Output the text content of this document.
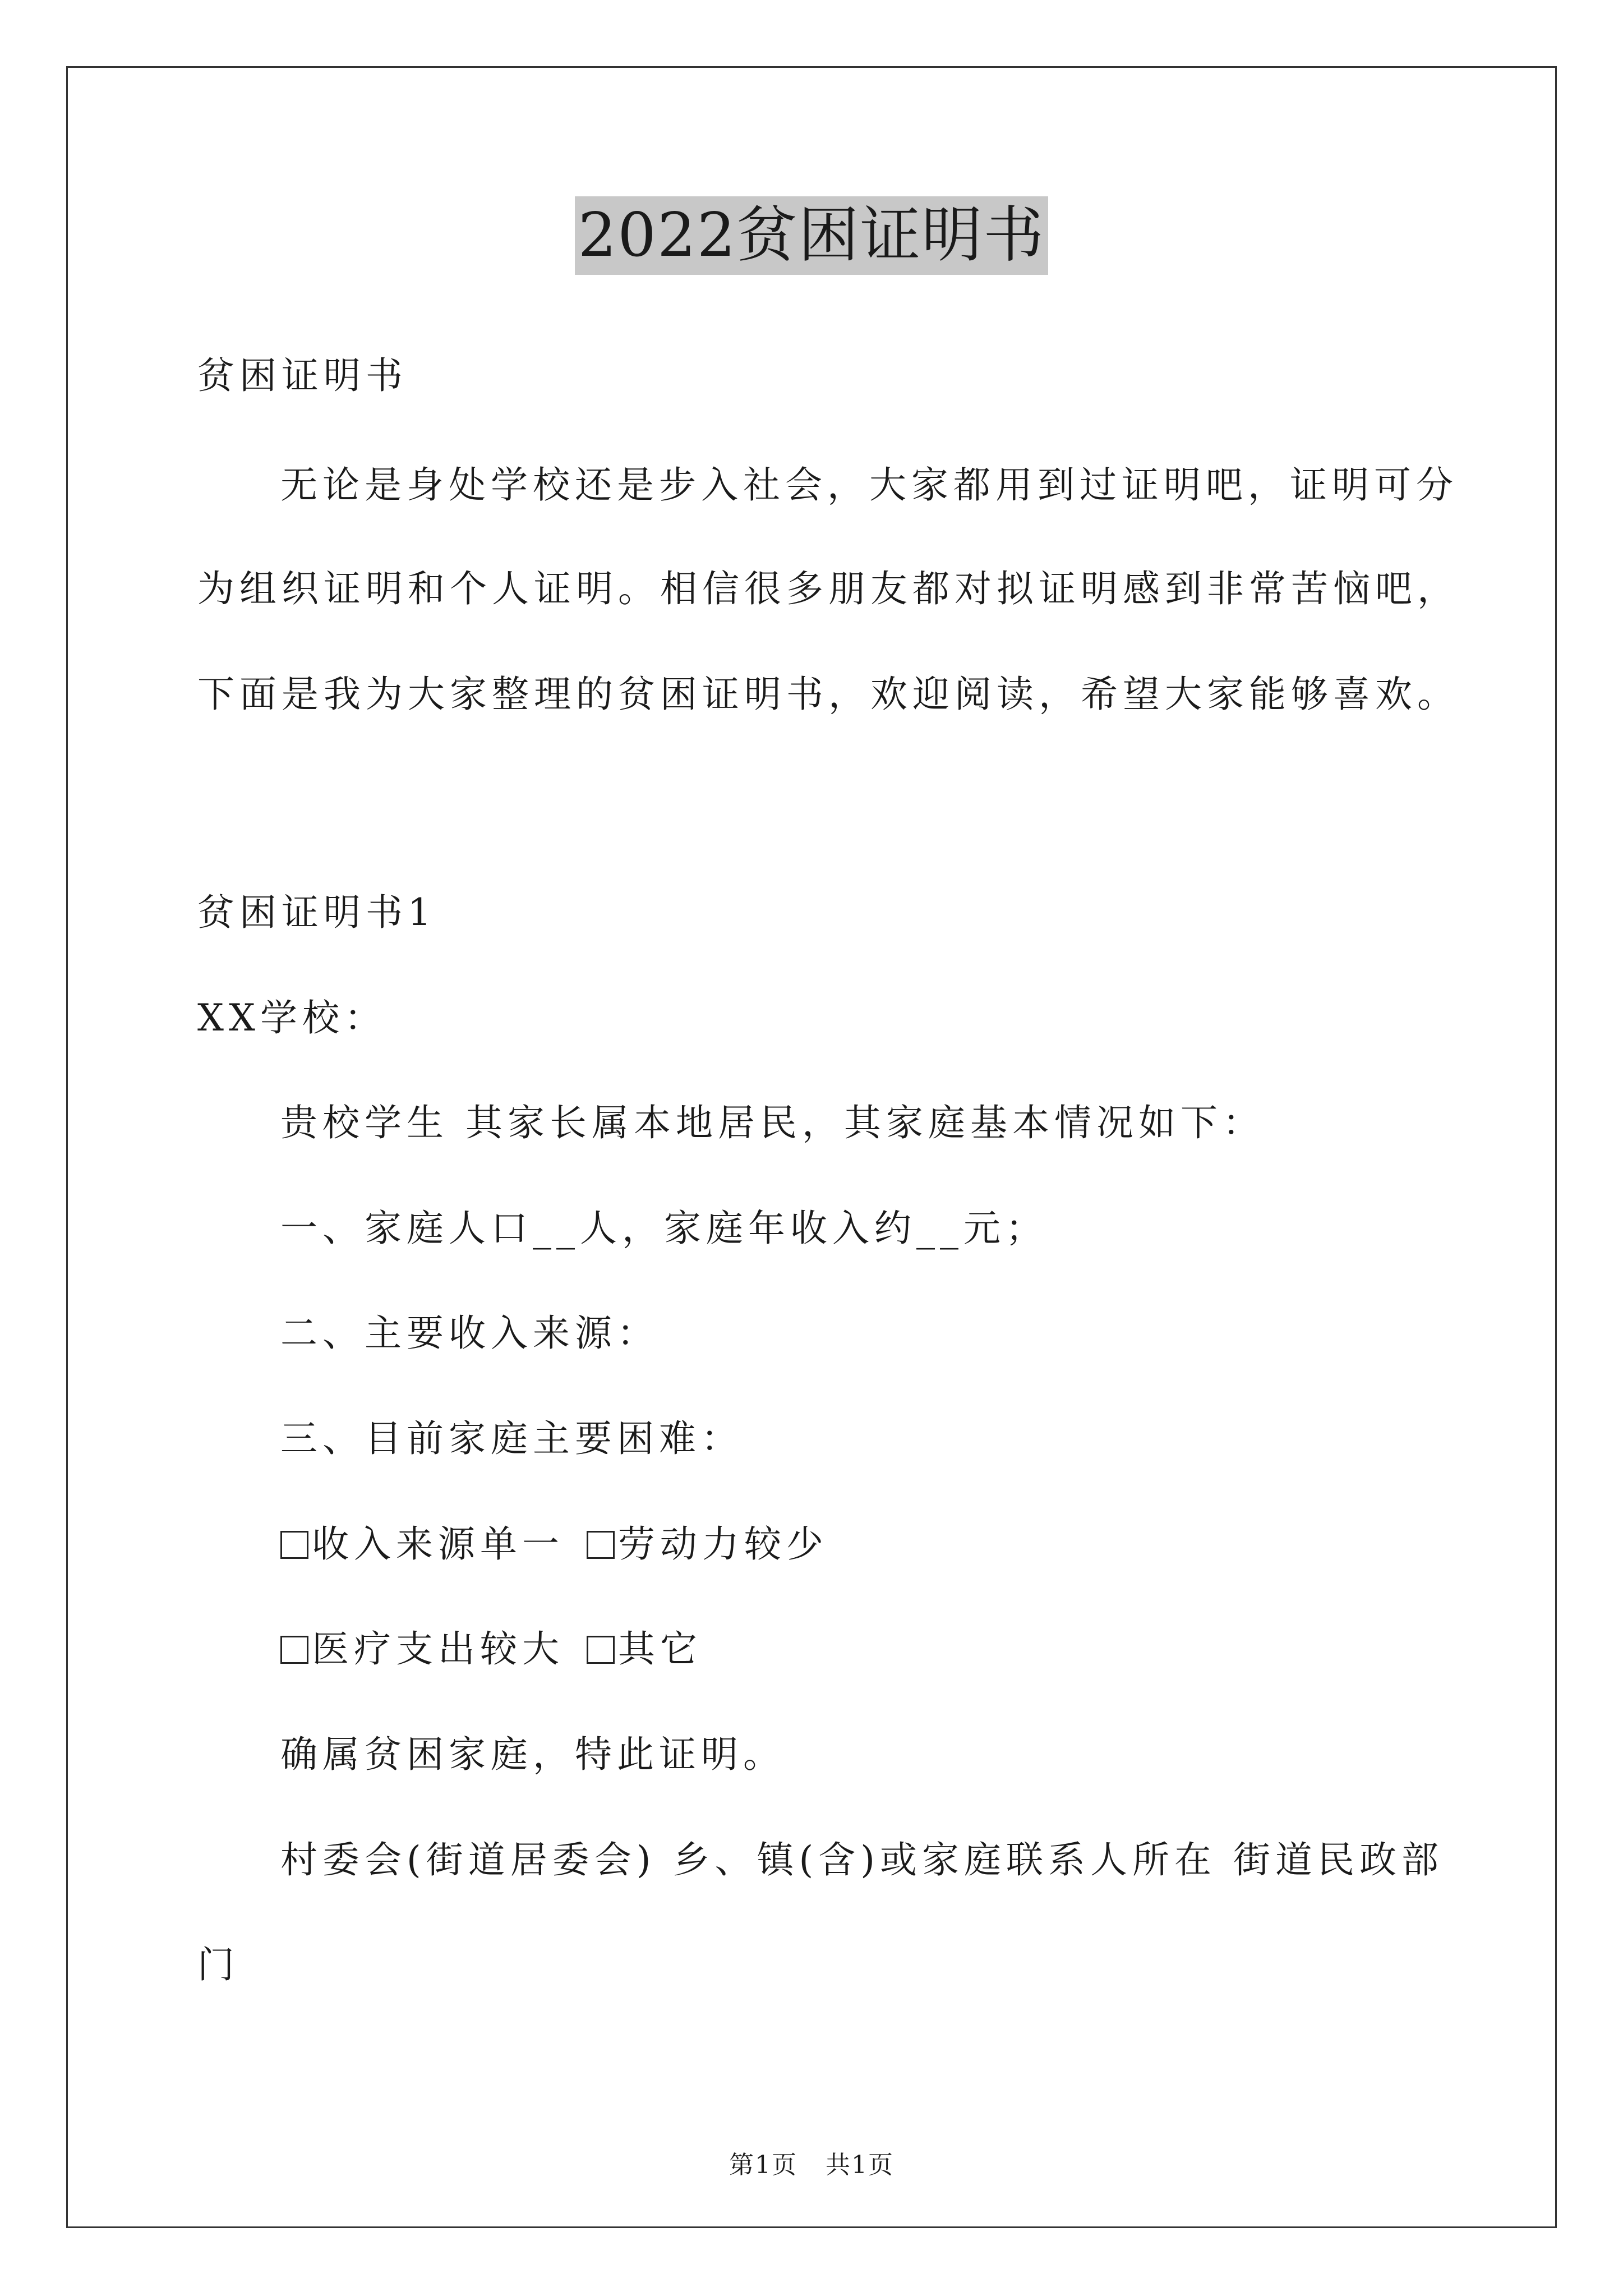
2022贫困证明书
贫困证明书
无论是身处学校还是步入社会，大家都用到过证明吧，证明可分
为组织证明和个人证明。相信很多朋友都对拟证明感到非常苦恼吧，
下面是我为大家整理的贫困证明书，欢迎阅读，希望大家能够喜欢。
贫困证明书1
XX学校：
贵校学生 其家长属本地居民，其家庭基本情况如下：
一、家庭人口__人，家庭年收入约__元；
二、主要收入来源：
三、目前家庭主要困难：
收入来源单一 劳动力较少
医疗支出较大 其它
确属贫困家庭，特此证明。
村委会(街道居委会) 乡、镇(含)或家庭联系人所在 街道民政部
门
第1页 共1页
